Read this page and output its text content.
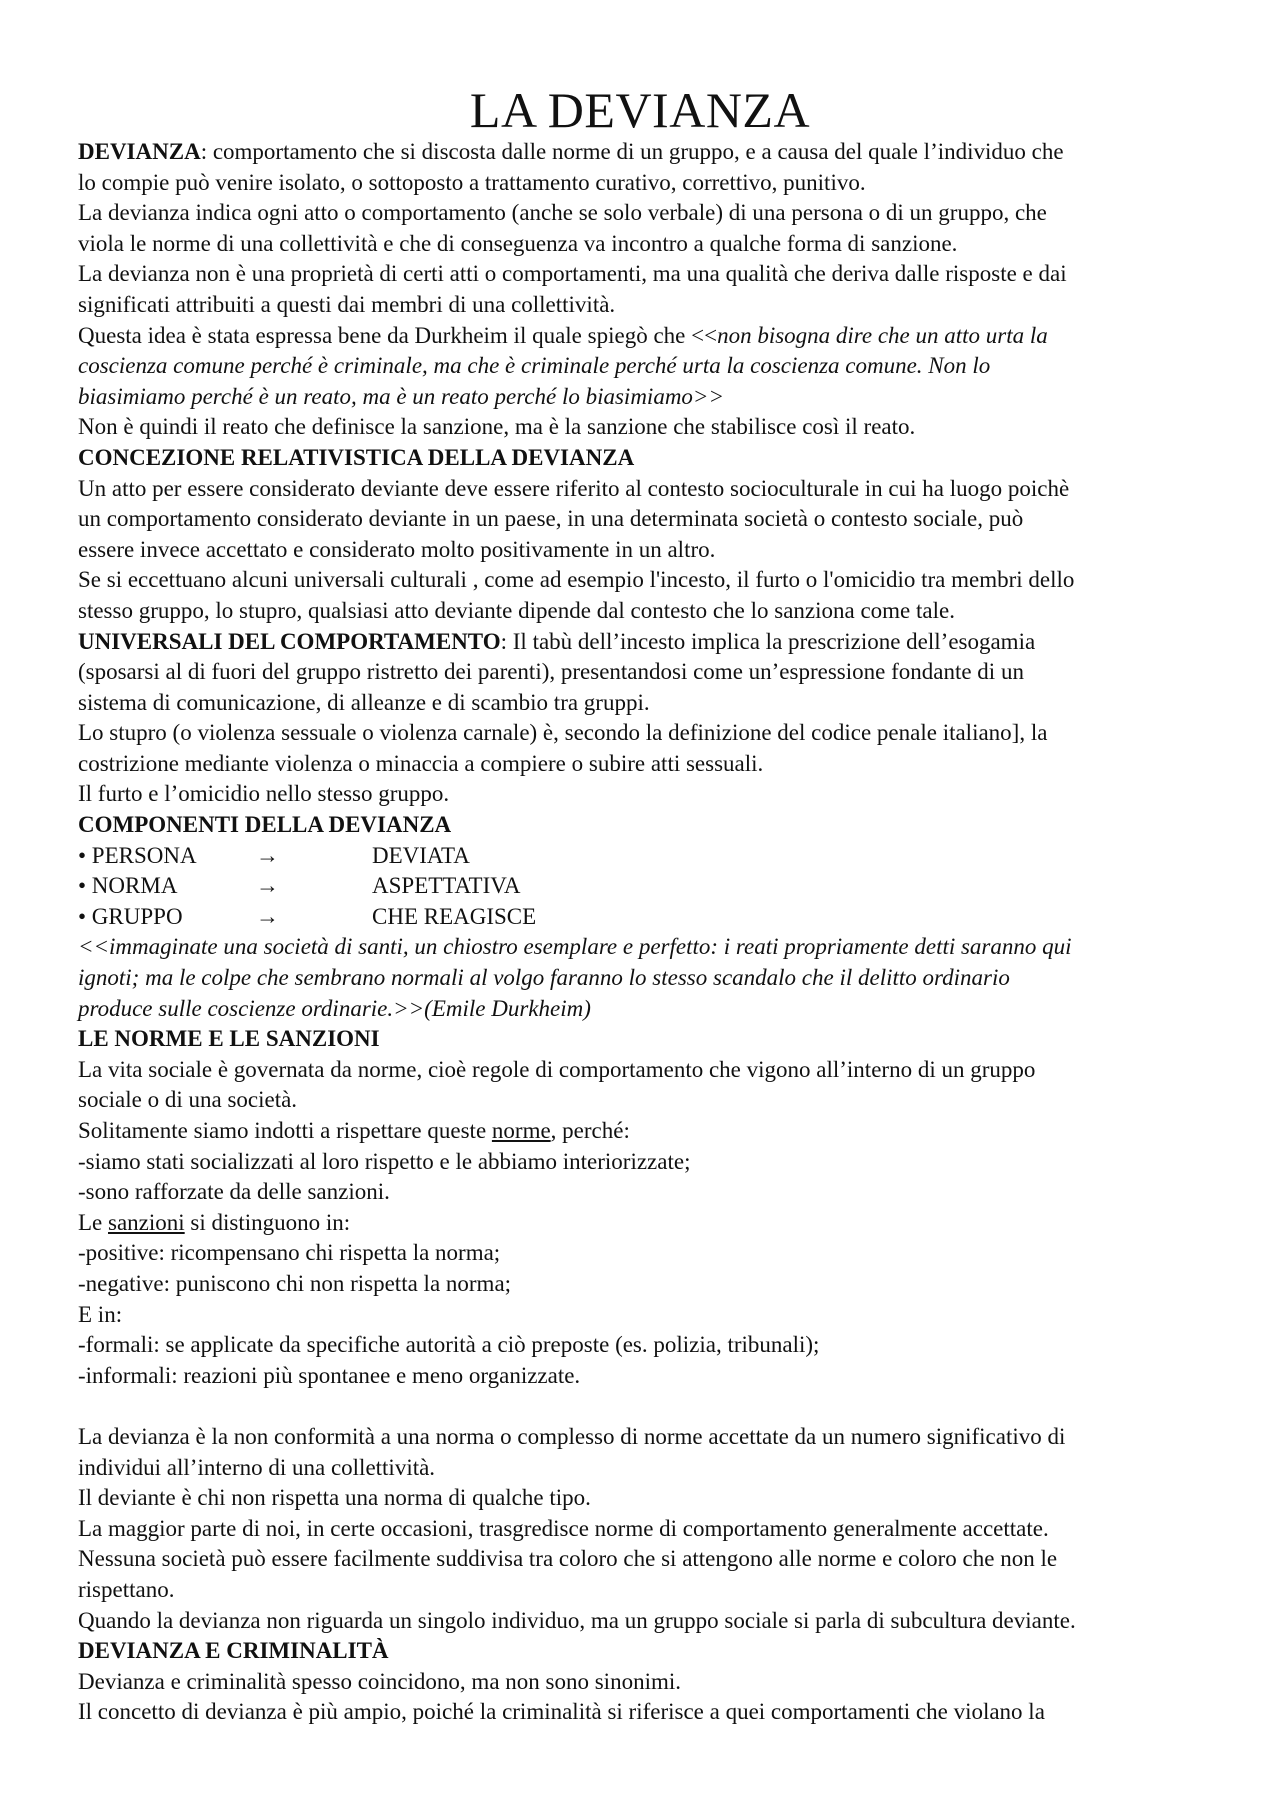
LA DEVIANZA
DEVIANZA: comportamento che si discosta dalle norme di un gruppo, e a causa del quale l’individuo che
lo compie può venire isolato, o sottoposto a trattamento curativo, correttivo, punitivo.
La devianza indica ogni atto o comportamento (anche se solo verbale) di una persona o di un gruppo, che
viola le norme di una collettività e che di conseguenza va incontro a qualche forma di sanzione.
La devianza non è una proprietà di certi atti o comportamenti, ma una qualità che deriva dalle risposte e dai
significati attribuiti a questi dai membri di una collettività.
Questa idea è stata espressa bene da Durkheim il quale spiegò che <<non bisogna dire che un atto urta la
coscienza comune perché è criminale, ma che è criminale perché urta la coscienza comune. Non lo
biasimiamo perché è un reato, ma è un reato perché lo biasimiamo>>
Non è quindi il reato che definisce la sanzione, ma è la sanzione che stabilisce così il reato.
CONCEZIONE RELATIVISTICA DELLA DEVIANZA
Un atto per essere considerato deviante deve essere riferito al contesto socioculturale in cui ha luogo poichè
un comportamento considerato deviante in un paese, in una determinata società o contesto sociale, può
essere invece accettato e considerato molto positivamente in un altro.
Se si eccettuano alcuni universali culturali , come ad esempio l'incesto, il furto o l'omicidio tra membri dello
stesso gruppo, lo stupro, qualsiasi atto deviante dipende dal contesto che lo sanziona come tale.
UNIVERSALI DEL COMPORTAMENTO: Il tabù dell’incesto implica la prescrizione dell’esogamia
(sposarsi al di fuori del gruppo ristretto dei parenti), presentandosi come un’espressione fondante di un
sistema di comunicazione, di alleanze e di scambio tra gruppi.
Lo stupro (o violenza sessuale o violenza carnale) è, secondo la definizione del codice penale italiano], la
costrizione mediante violenza o minaccia a compiere o subire atti sessuali.
Il furto e l’omicidio nello stesso gruppo.
COMPONENTI DELLA DEVIANZA
• PERSONA	→	DEVIATA
• NORMA	→	ASPETTATIVA
• GRUPPO	→	CHE REAGISCE
<<immaginate una società di santi, un chiostro esemplare e perfetto: i reati propriamente detti saranno qui
ignoti; ma le colpe che sembrano normali al volgo faranno lo stesso scandalo che il delitto ordinario
produce sulle coscienze ordinarie.>>(Emile Durkheim)
LE NORME E LE SANZIONI
La vita sociale è governata da norme, cioè regole di comportamento che vigono all’interno di un gruppo
sociale o di una società.
Solitamente siamo indotti a rispettare queste norme, perché:
-siamo stati socializzati al loro rispetto e le abbiamo interiorizzate;
-sono rafforzate da delle sanzioni.
Le sanzioni si distinguono in:
-positive: ricompensano chi rispetta la norma;
-negative: puniscono chi non rispetta la norma;
E in:
-formali: se applicate da specifiche autorità a ciò preposte (es. polizia, tribunali);
-informali: reazioni più spontanee e meno organizzate.
La devianza è la non conformità a una norma o complesso di norme accettate da un numero significativo di
individui all’interno di una collettività.
Il deviante è chi non rispetta una norma di qualche tipo.
La maggior parte di noi, in certe occasioni, trasgredisce norme di comportamento generalmente accettate.
Nessuna società può essere facilmente suddivisa tra coloro che si attengono alle norme e coloro che non le
rispettano.
Quando la devianza non riguarda un singolo individuo, ma un gruppo sociale si parla di subcultura deviante.
DEVIANZA E CRIMINALITÀ
Devianza e criminalità spesso coincidono, ma non sono sinonimi.
Il concetto di devianza è più ampio, poiché la criminalità si riferisce a quei comportamenti che violano la
